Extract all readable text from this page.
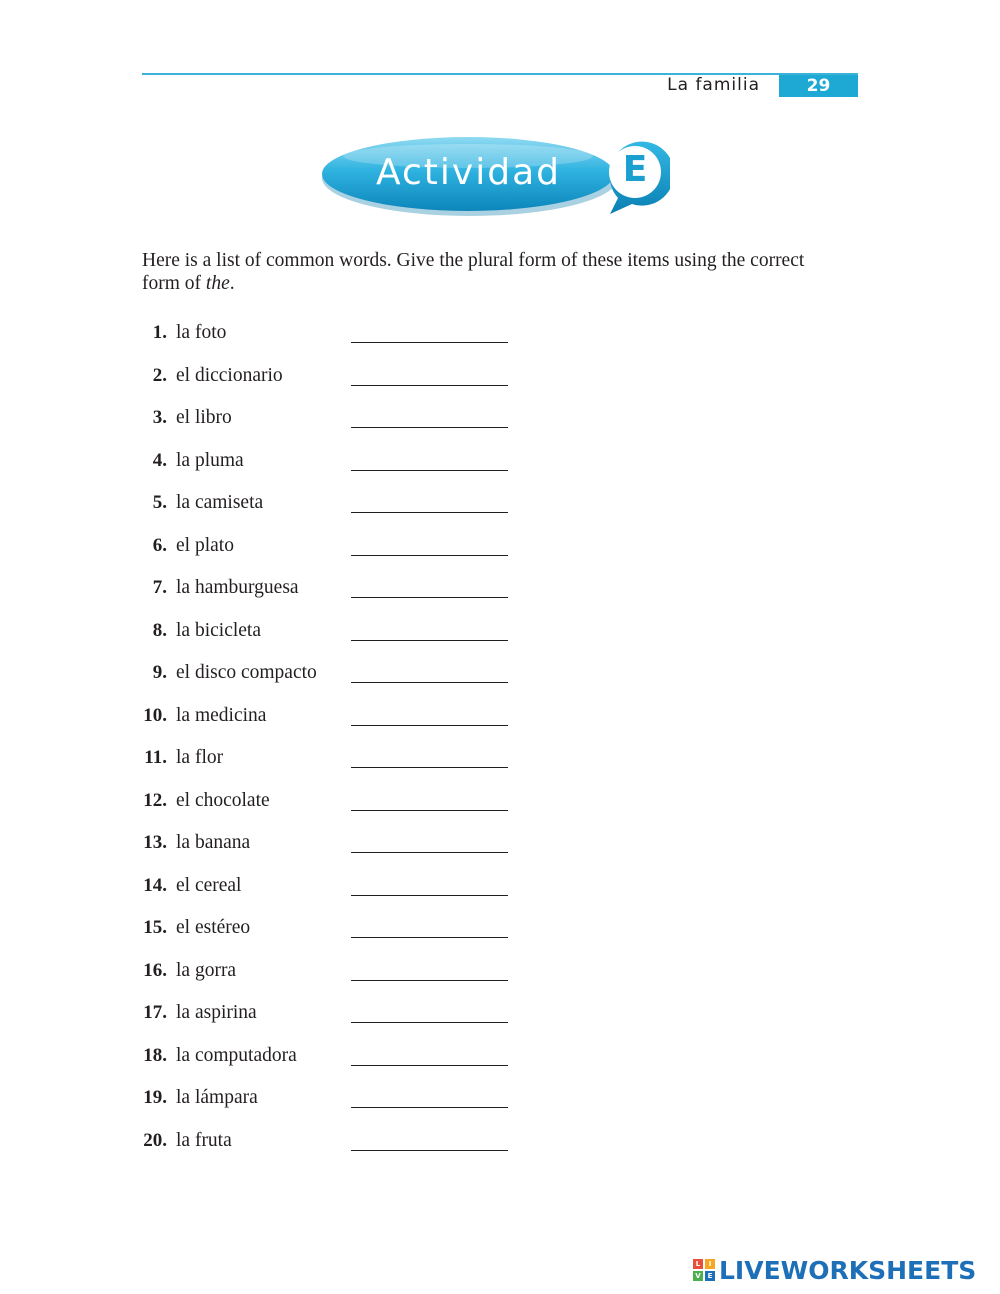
La familia	29
Actividad	E
Here is a list of common words. Give the plural form of these items using the correct form of the.
1. la foto
2. el diccionario
3. el libro
4. la pluma
5. la camiseta
6. el plato
7. la hamburguesa
8. la bicicleta
9. el disco compacto
10. la medicina
11. la flor
12. el chocolate
13. la banana
14. el cereal
15. el estéreo
16. la gorra
17. la aspirina
18. la computadora
19. la lámpara
20. la fruta
L	I
V E LIVEWORKSHEETS
